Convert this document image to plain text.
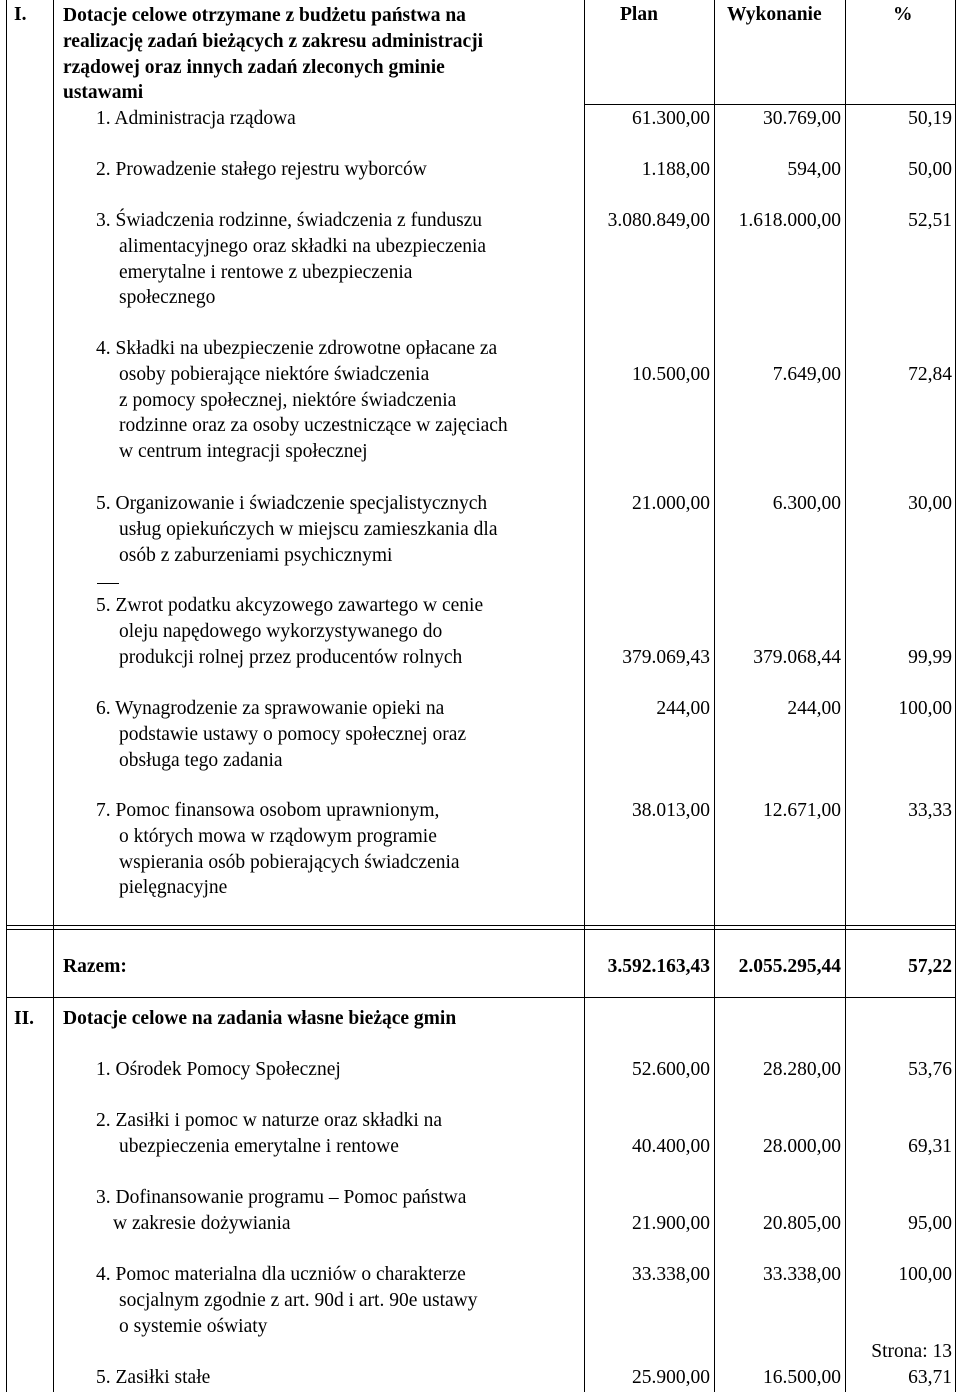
I. Dotacje celowe otrzymane z budżetu państwa na
realizację zadań bieżących z zakresu administracji
rządowej oraz innych zadań zleconych gminie
ustawami
Plan	Wykonanie	%
1. Administracja rządowa	61.300,00	30.769,00	50,19
2. Prowadzenie stałego rejestru wyborców	1.188,00	594,00	50,00
3. Świadczenia rodzinne, świadczenia z funduszu
alimentacyjnego oraz składki na ubezpieczenia
emerytalne i rentowe z ubezpieczenia
społecznego
3.080.849,00	1.618.000,00	52,51
4. Składki na ubezpieczenie zdrowotne opłacane za
osoby pobierające niektóre świadczenia
z pomocy społecznej, niektóre świadczenia
rodzinne oraz za osoby uczestniczące w zajęciach
w centrum integracji społecznej
10.500,00	7.649,00	72,84
5. Organizowanie i świadczenie specjalistycznych
usług opiekuńczych w miejscu zamieszkania dla
osób z zaburzeniami psychicznymi
21.000,00	6.300,00	30,00
5. Zwrot podatku akcyzowego zawartego w cenie
oleju napędowego wykorzystywanego do
produkcji rolnej przez producentów rolnych	379.069,43	379.068,44	99,99
6. Wynagrodzenie za sprawowanie opieki na
podstawie ustawy o pomocy społecznej oraz
obsługa tego zadania
244,00	244,00	100,00
7. Pomoc finansowa osobom uprawnionym,
o których mowa w rządowym programie
wspierania osób pobierających świadczenia
pielęgnacyjne
38.013,00	12.671,00	33,33
Razem:	3.592.163,43	2.055.295,44	57,22
II. Dotacje celowe na zadania własne bieżące gmin
1. Ośrodek Pomocy Społecznej	52.600,00	28.280,00	53,76
2. Zasiłki i pomoc w naturze oraz składki na
ubezpieczenia emerytalne i rentowe	40.400,00	28.000,00	69,31
3. Dofinansowanie programu – Pomoc państwa
w zakresie dożywiania	21.900,00	20.805,00	95,00
4. Pomoc materialna dla uczniów o charakterze
socjalnym zgodnie z art. 90d i art. 90e ustawy
o systemie oświaty
33.338,00	33.338,00	100,00
5. Zasiłki stałe	25.900,00	16.500,00	63,71
Strona: 13
